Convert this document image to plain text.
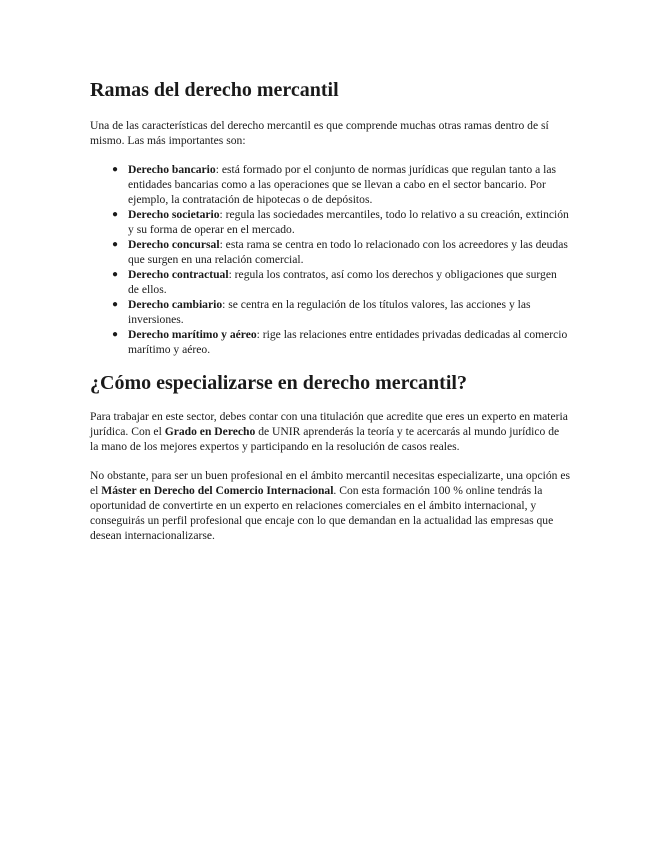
Ramas del derecho mercantil

Una de las características del derecho mercantil es que comprende muchas otras ramas dentro de sí mismo. Las más importantes son:

● Derecho bancario: está formado por el conjunto de normas jurídicas que regulan tanto a las entidades bancarias como a las operaciones que se llevan a cabo en el sector bancario. Por ejemplo, la contratación de hipotecas o de depósitos.
● Derecho societario: regula las sociedades mercantiles, todo lo relativo a su creación, extinción y su forma de operar en el mercado.
● Derecho concursal: esta rama se centra en todo lo relacionado con los acreedores y las deudas que surgen en una relación comercial.
● Derecho contractual: regula los contratos, así como los derechos y obligaciones que surgen de ellos.
● Derecho cambiario: se centra en la regulación de los títulos valores, las acciones y las inversiones.
● Derecho marítimo y aéreo: rige las relaciones entre entidades privadas dedicadas al comercio marítimo y aéreo.
¿Cómo especializarse en derecho mercantil?

Para trabajar en este sector, debes contar con una titulación que acredite que eres un experto en materia jurídica. Con el Grado en Derecho de UNIR aprenderás la teoría y te acercarás al mundo jurídico de la mano de los mejores expertos y participando en la resolución de casos reales.

No obstante, para ser un buen profesional en el ámbito mercantil necesitas especializarte, una opción es el Máster en Derecho del Comercio Internacional. Con esta formación 100 % online tendrás la oportunidad de convertirte en un experto en relaciones comerciales en el ámbito internacional, y conseguirás un perfil profesional que encaje con lo que demandan en la actualidad las empresas que desean internacionalizarse.
